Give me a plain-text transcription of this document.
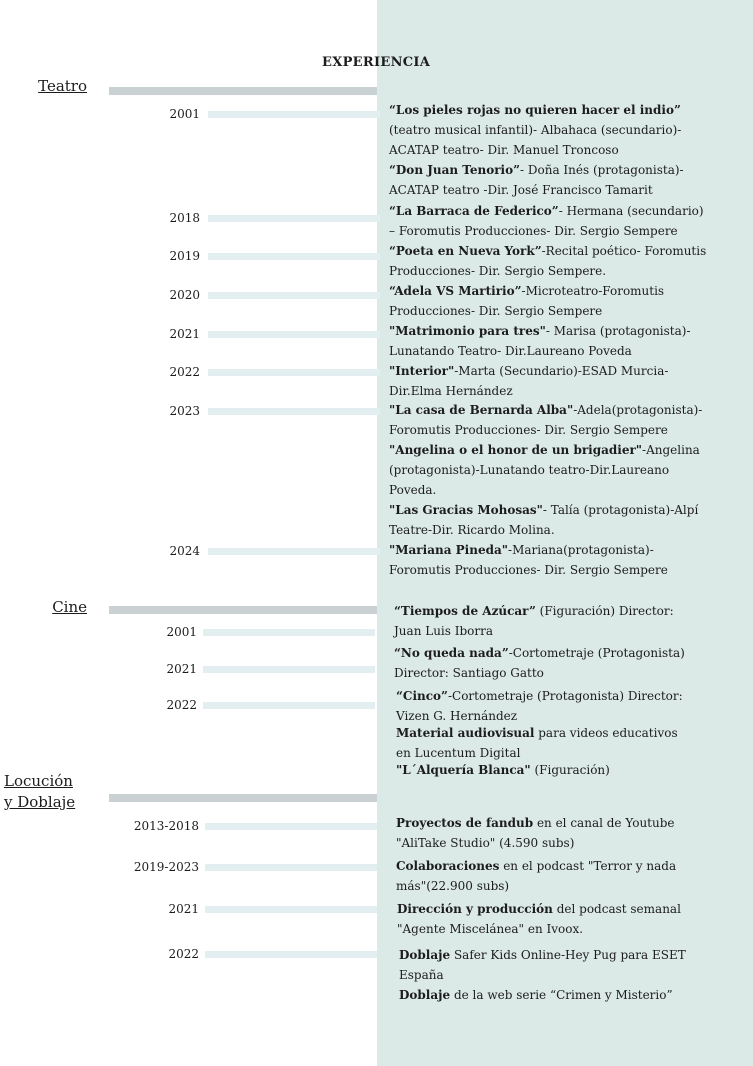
EXPERIENCIA
Teatro
2001
2018
2019
2020
2021
2022
2023
2024
“Los pieles rojas no quieren hacer el indio” (teatro musical infantil)- Albahaca (secundario)- ACATAP teatro- Dir. Manuel Troncoso
“Don Juan Tenorio”- Doña Inés (protagonista)- ACATAP teatro -Dir. José Francisco Tamarit
“La Barraca de Federico”- Hermana (secundario) – Foromutis Producciones- Dir. Sergio Sempere
“Poeta en Nueva York”-Recital poético- Foromutis Producciones- Dir. Sergio Sempere.
“Adela VS Martirio”-Microteatro-Foromutis Producciones- Dir. Sergio Sempere
"Matrimonio para tres"- Marisa (protagonista)- Lunatando Teatro- Dir.Laureano Poveda
"Interior"-Marta (Secundario)-ESAD Murcia- Dir.Elma Hernández
"La casa de Bernarda Alba"-Adela(protagonista)- Foromutis Producciones- Dir. Sergio Sempere
"Angelina o el honor de un brigadier"-Angelina (protagonista)-Lunatando teatro-Dir.Laureano Poveda.
"Las Gracias Mohosas"- Talía (protagonista)-Alpí Teatre-Dir. Ricardo Molina.
"Mariana Pineda"-Mariana(protagonista)- Foromutis Producciones- Dir. Sergio Sempere
Cine
2001
2021
2022
“Tiempos de Azúcar” (Figuración) Director: Juan Luis Iborra
“No queda nada”-Cortometraje (Protagonista) Director: Santiago Gatto
“Cinco”-Cortometraje (Protagonista) Director: Vizen G. Hernández
Material audiovisual para videos educativos en Lucentum Digital
"L´Alquería Blanca" (Figuración)
Locución
y Doblaje
2013-2018
2019-2023
2021
2022
Proyectos de fandub en el canal de Youtube "AliTake Studio" (4.590 subs)
Colaboraciones en el podcast "Terror y nada más"(22.900 subs)
Dirección y producción del podcast semanal "Agente Miscelánea" en Ivoox.
Doblaje Safer Kids Online-Hey Pug para ESET España
Doblaje de la web serie “Crimen y Misterio”
